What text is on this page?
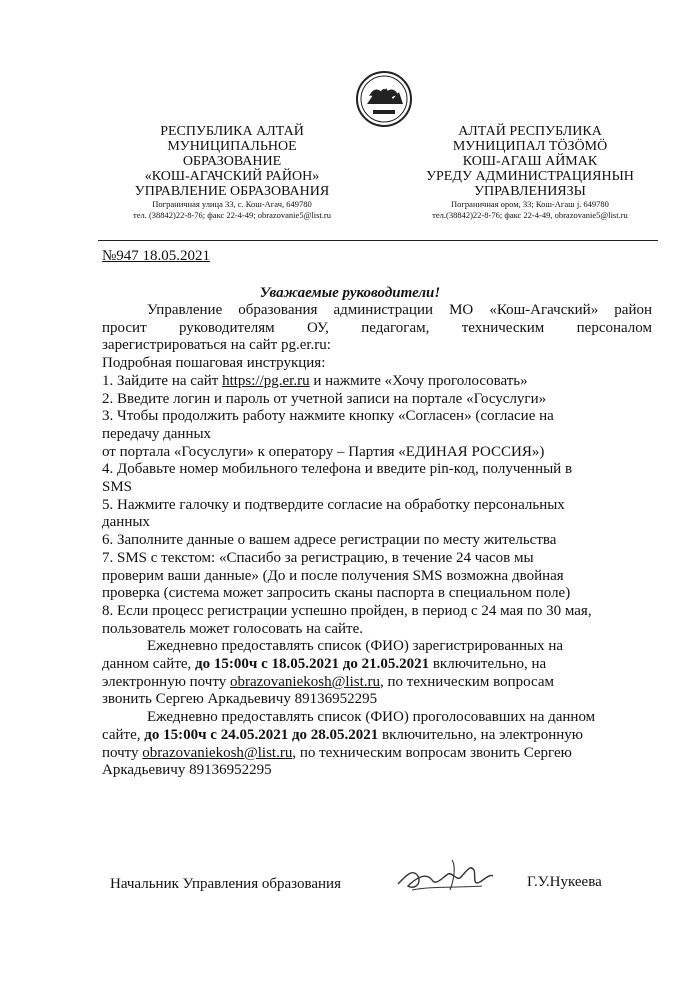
РЕСПУБЛИКА АЛТАЙ
МУНИЦИПАЛЬНОЕ
ОБРАЗОВАНИЕ
«КОШ-АГАЧСКИЙ РАЙОН»
УПРАВЛЕНИЕ ОБРАЗОВАНИЯ
Пограничная улица 33, с. Кош-Агач, 649780
тел. (38842)22-8-76; факс 22-4-49; obrazovanie5@list.ru
АЛТАЙ РЕСПУБЛИКА
МУНИЦИПАЛ ТӦЗӦМӦ
КОШ-АГАШ АЙМАК
УРЕДУ АДМИНИСТРАЦИЯНЫН
УПРАВЛЕНИЯЗЫ
Пограничная ором, 33; Кош-Агаш ј. 649780
тел.(38842)22-8-76; факс 22-4-49, obrazovanie5@list.ru
№947 18.05.2021
Уважаемые руководители!

Управление образования администрации МО «Кош-Агачский» район

просит руководителям ОУ, педагогам, техническим персоналом

зарегистрироваться на сайт pg.er.ru:

Подробная пошаговая инструкция:

1. Зайдите на сайт https://pg.er.ru и нажмите «Хочу проголосовать»

2. Введите логин и пароль от учетной записи на портале «Госуслуги»

3. Чтобы продолжить работу нажмите кнопку «Согласен» (согласие на

передачу данных

от портала «Госуслуги» к оператору – Партия «ЕДИНАЯ РОССИЯ»)

4. Добавьте номер мобильного телефона и введите pin-код, полученный в

SMS

5. Нажмите галочку и подтвердите согласие на обработку персональных

данных

6. Заполните данные о вашем адресе регистрации по месту жительства

7. SMS с текстом: «Спасибо за регистрацию, в течение 24 часов мы

проверим ваши данные» (До и после получения SMS возможна двойная

проверка (система может запросить сканы паспорта в специальном поле)

8. Если процесс регистрации успешно пройден, в период с 24 мая по 30 мая,

пользователь может голосовать на сайте.

Ежедневно предоставлять список (ФИО) зарегистрированных на

данном сайте, до 15:00ч с 18.05.2021 до 21.05.2021 включительно, на

электронную почту obrazovaniekosh@list.ru, по техническим вопросам

звонить Сергею Аркадьевичу 89136952295

Ежедневно предоставлять список (ФИО) проголосовавших на данном

сайте, до 15:00ч с 24.05.2021 до 28.05.2021 включительно, на электронную

почту obrazovaniekosh@list.ru, по техническим вопросам звонить Сергею

Аркадьевичу 89136952295

Начальник Управления образования	Г.У.Нукеева
